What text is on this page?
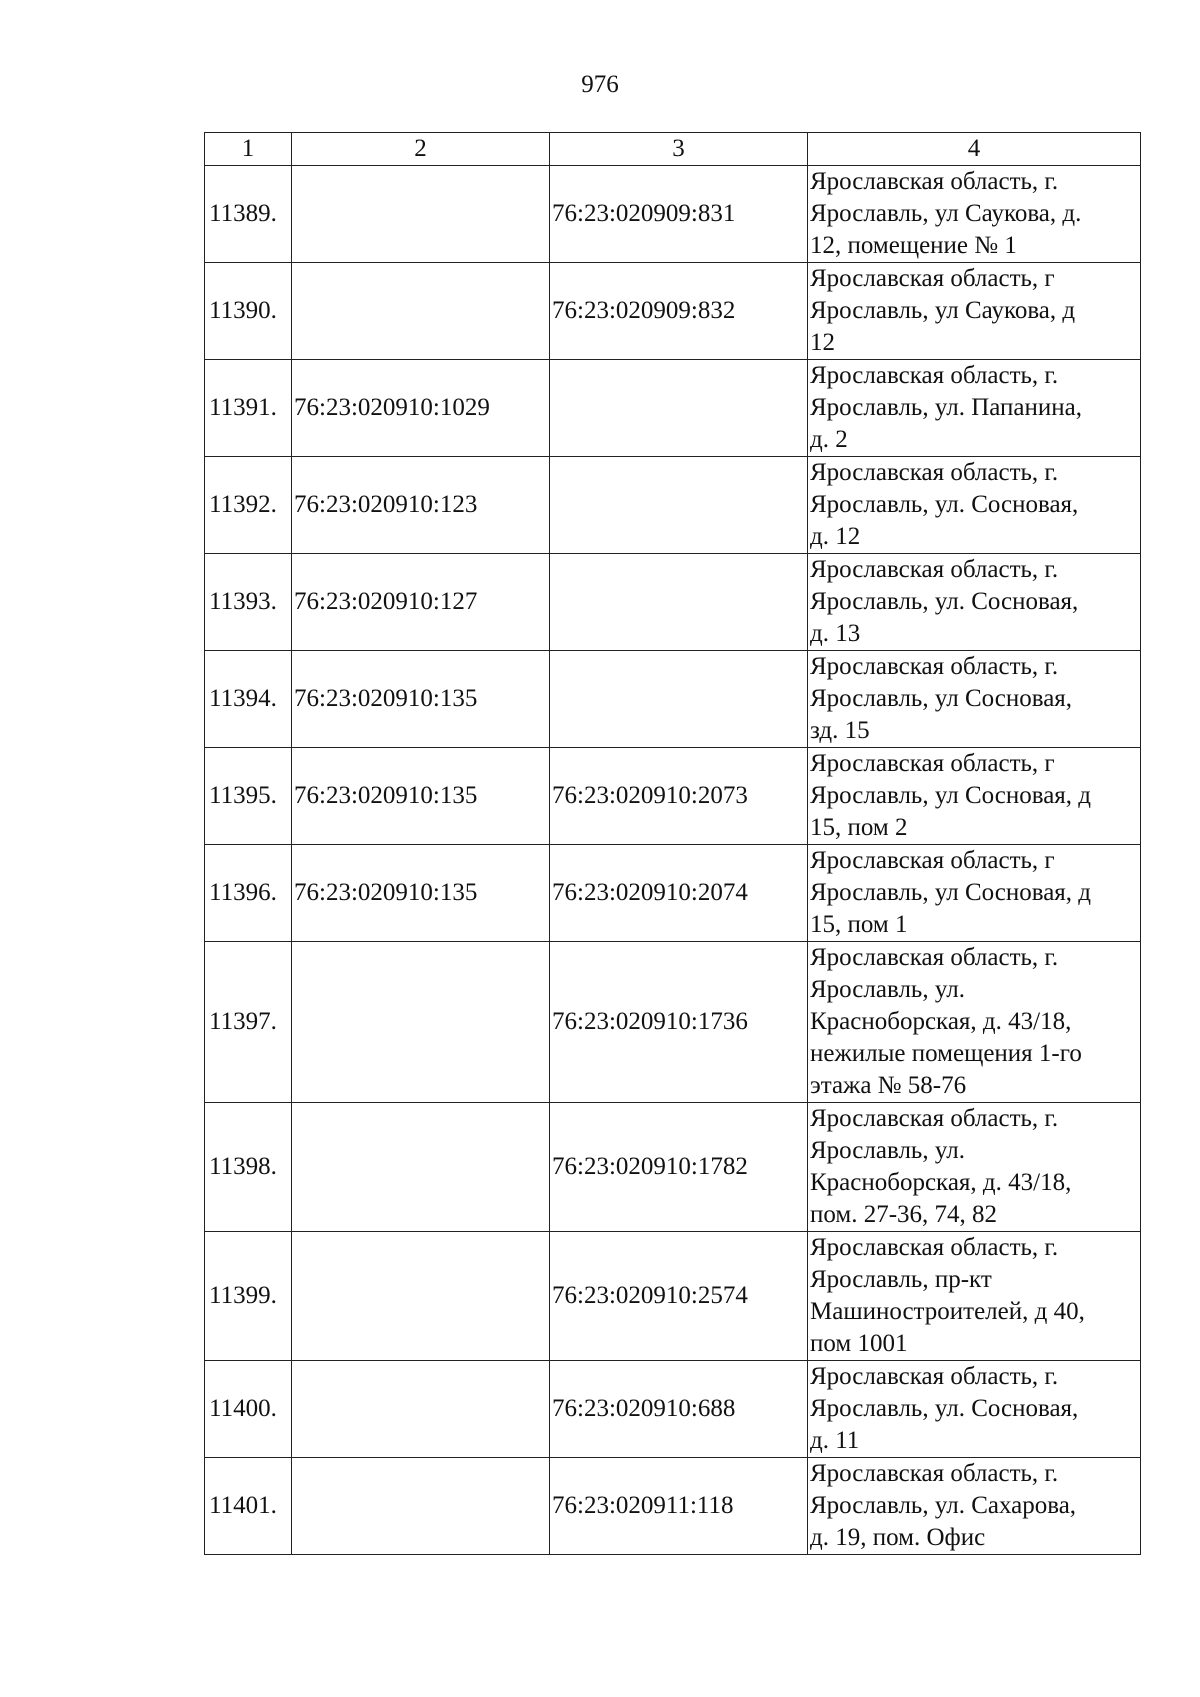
976
1	2	3	4
11389.		76:23:020909:831	Ярославская область, г.
Ярославль, ул Саукова, д.
12, помещение № 1
11390.		76:23:020909:832	Ярославская область, г
Ярославль, ул Саукова, д
12
11391.	76:23:020910:1029		Ярославская область, г.
Ярославль, ул. Папанина,
д. 2
11392.	76:23:020910:123		Ярославская область, г.
Ярославль, ул. Сосновая,
д. 12
11393.	76:23:020910:127		Ярославская область, г.
Ярославль, ул. Сосновая,
д. 13
11394.	76:23:020910:135		Ярославская область, г.
Ярославль, ул Сосновая,
зд. 15
11395.	76:23:020910:135	76:23:020910:2073	Ярославская область, г
Ярославль, ул Сосновая, д
15, пом 2
11396.	76:23:020910:135	76:23:020910:2074	Ярославская область, г
Ярославль, ул Сосновая, д
15, пом 1
11397.		76:23:020910:1736	Ярославская область, г.
Ярославль, ул.
Красноборская, д. 43/18,
нежилые помещения 1-го
этажа № 58-76
11398.		76:23:020910:1782	Ярославская область, г.
Ярославль, ул.
Красноборская, д. 43/18,
пом. 27-36, 74, 82
11399.		76:23:020910:2574	Ярославская область, г.
Ярославль, пр-кт
Машиностроителей, д 40,
пом 1001
11400.		76:23:020910:688	Ярославская область, г.
Ярославль, ул. Сосновая,
д. 11
11401.		76:23:020911:118	Ярославская область, г.
Ярославль, ул. Сахарова,
д. 19, пом. Офис
